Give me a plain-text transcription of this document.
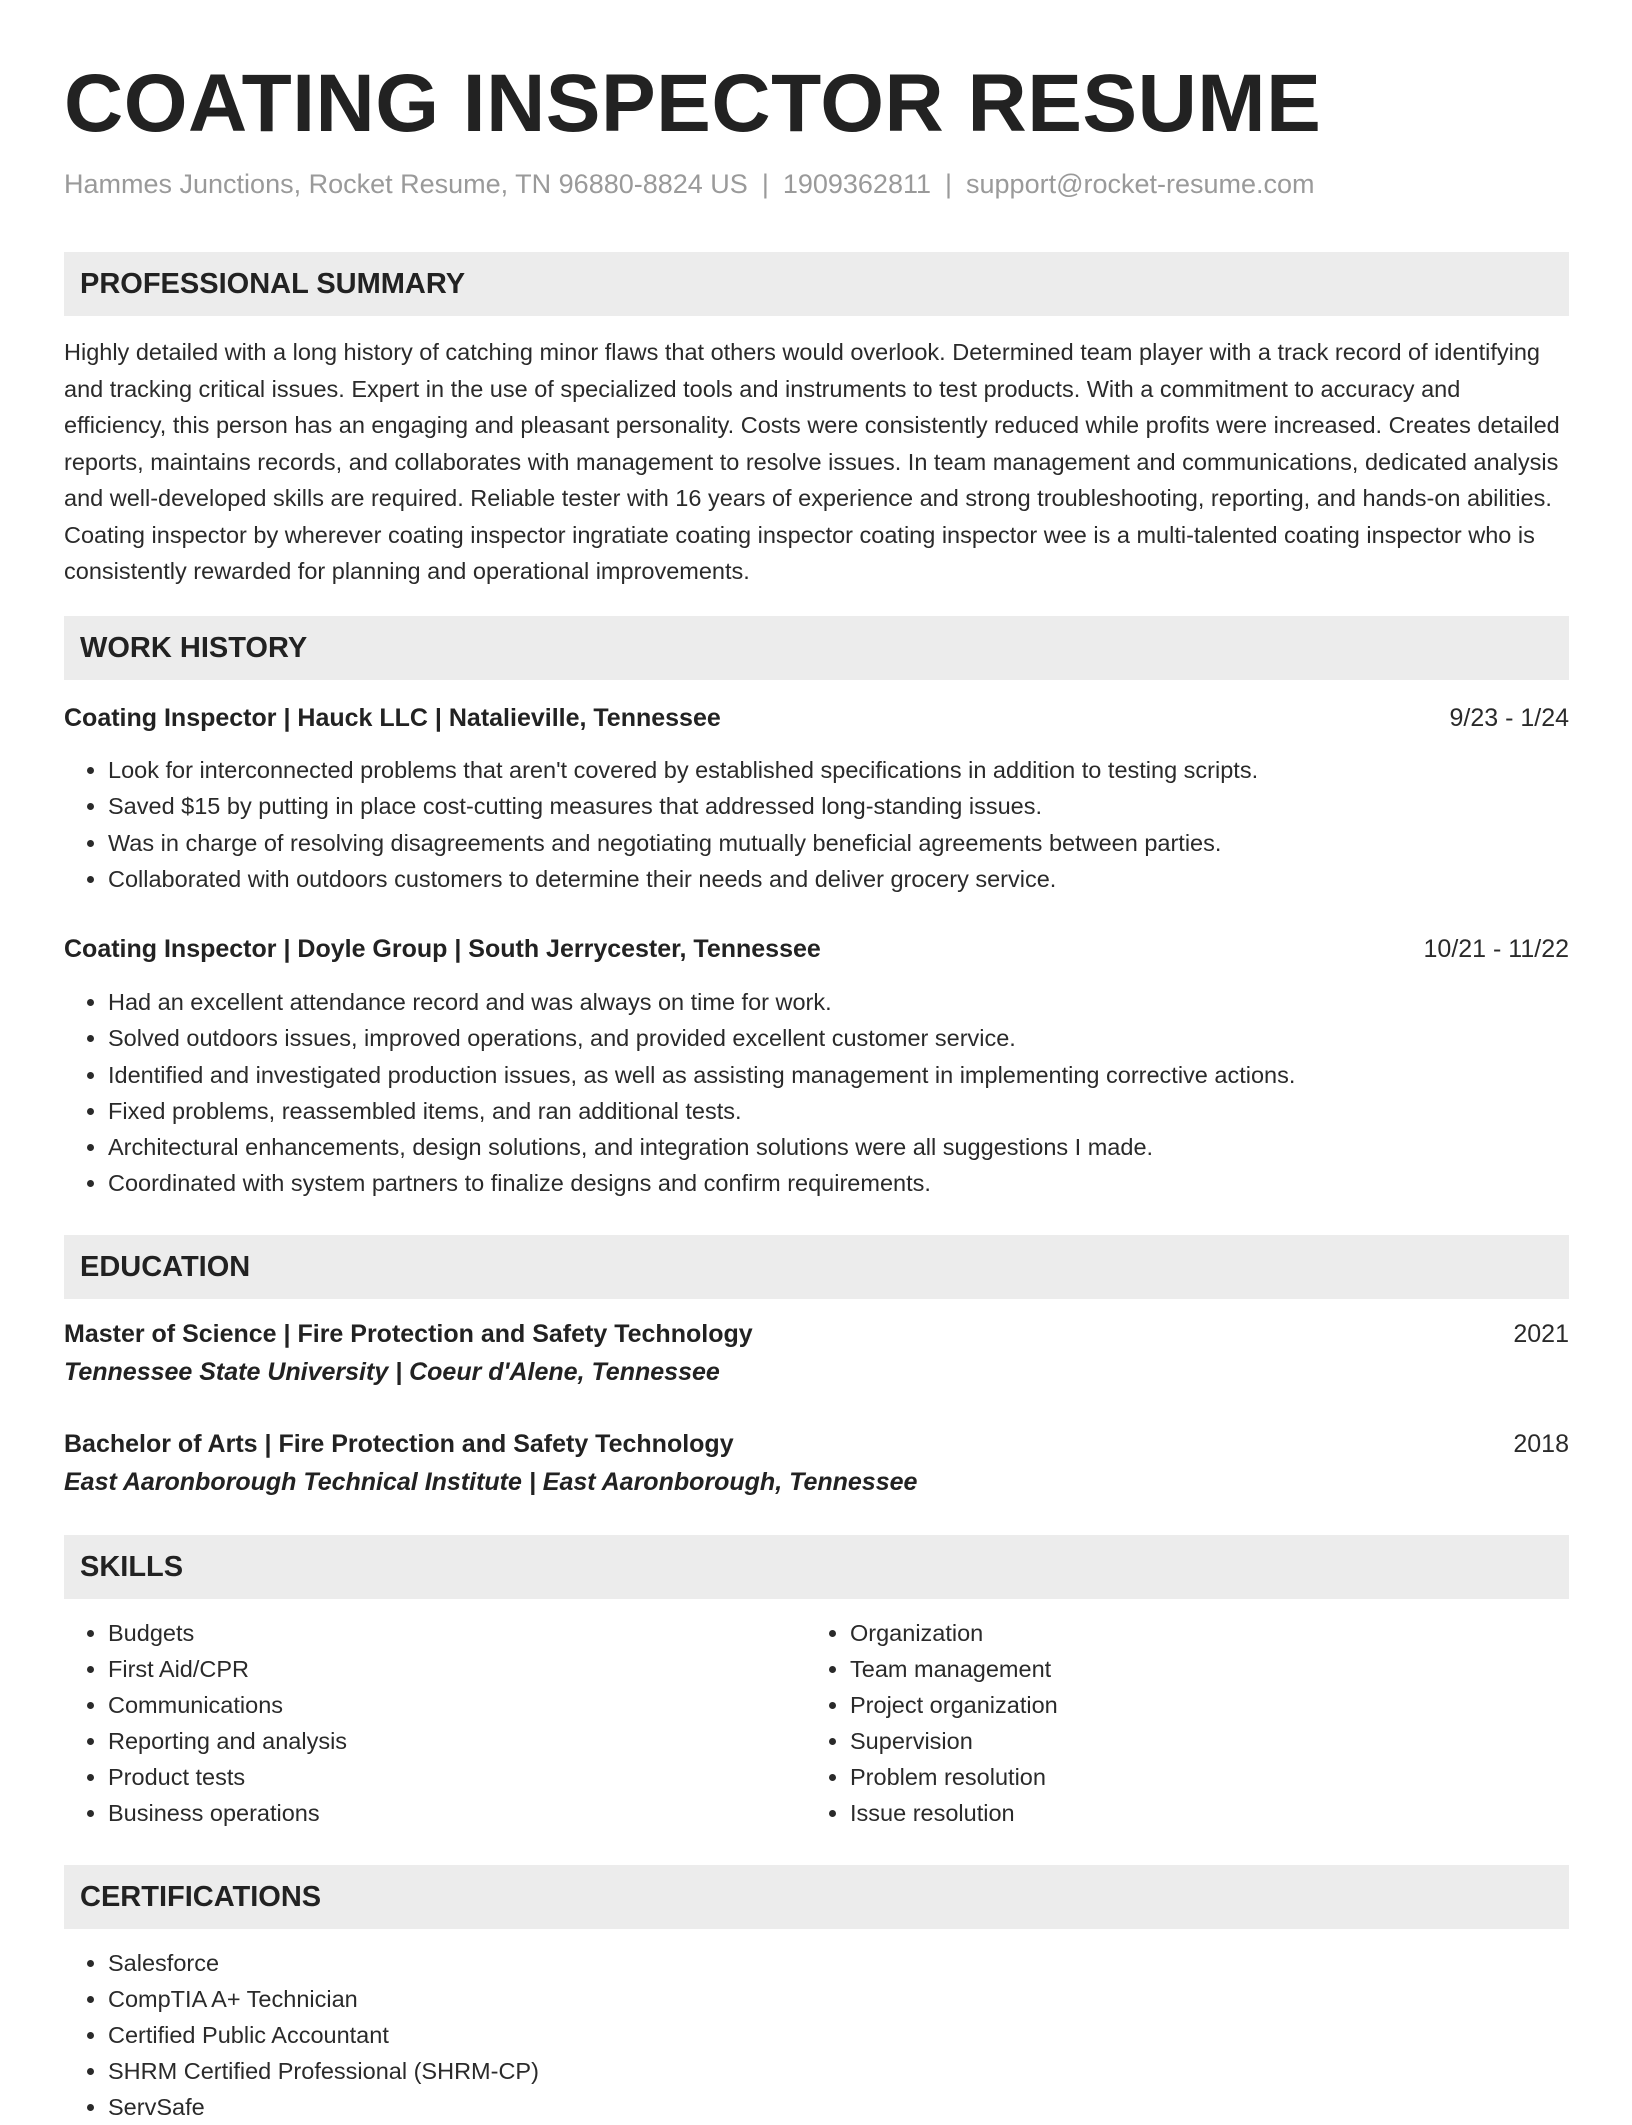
COATING INSPECTOR RESUME
Hammes Junctions, Rocket Resume, TN 96880-8824 US | 1909362811 | support@rocket-resume.com
PROFESSIONAL SUMMARY

Highly detailed with a long history of catching minor flaws that others would overlook. Determined team player with a track record of identifying and tracking critical issues. Expert in the use of specialized tools and instruments to test products. With a commitment to accuracy and efficiency, this person has an engaging and pleasant personality. Costs were consistently reduced while profits were increased. Creates detailed reports, maintains records, and collaborates with management to resolve issues. In team management and communications, dedicated analysis and well-developed skills are required. Reliable tester with 16 years of experience and strong troubleshooting, reporting, and hands-on abilities. Coating inspector by wherever coating inspector ingratiate coating inspector coating inspector wee is a multi-talented coating inspector who is consistently rewarded for planning and operational improvements.

WORK HISTORY
Coating Inspector | Hauck LLC | Natalieville, Tennessee	9/23 - 1/24
• Look for interconnected problems that aren't covered by established specifications in addition to testing scripts.
• Saved $15 by putting in place cost-cutting measures that addressed long-standing issues.
• Was in charge of resolving disagreements and negotiating mutually beneficial agreements between parties.
• Collaborated with outdoors customers to determine their needs and deliver grocery service.
Coating Inspector | Doyle Group | South Jerrycester, Tennessee	10/21 - 11/22
• Had an excellent attendance record and was always on time for work.
• Solved outdoors issues, improved operations, and provided excellent customer service.
• Identified and investigated production issues, as well as assisting management in implementing corrective actions.
• Fixed problems, reassembled items, and ran additional tests.
• Architectural enhancements, design solutions, and integration solutions were all suggestions I made.
• Coordinated with system partners to finalize designs and confirm requirements.
EDUCATION
Master of Science | Fire Protection and Safety Technology	2021
Tennessee State University | Coeur d'Alene, Tennessee
Bachelor of Arts | Fire Protection and Safety Technology	2018
East Aaronborough Technical Institute | East Aaronborough, Tennessee
SKILLS
• Budgets
• First Aid/CPR
• Communications
• Reporting and analysis
• Product tests
• Business operations
• Organization
• Team management
• Project organization
• Supervision
• Problem resolution
• Issue resolution
CERTIFICATIONS
• Salesforce
• CompTIA A+ Technician
• Certified Public Accountant
• SHRM Certified Professional (SHRM-CP)
• ServSafe
